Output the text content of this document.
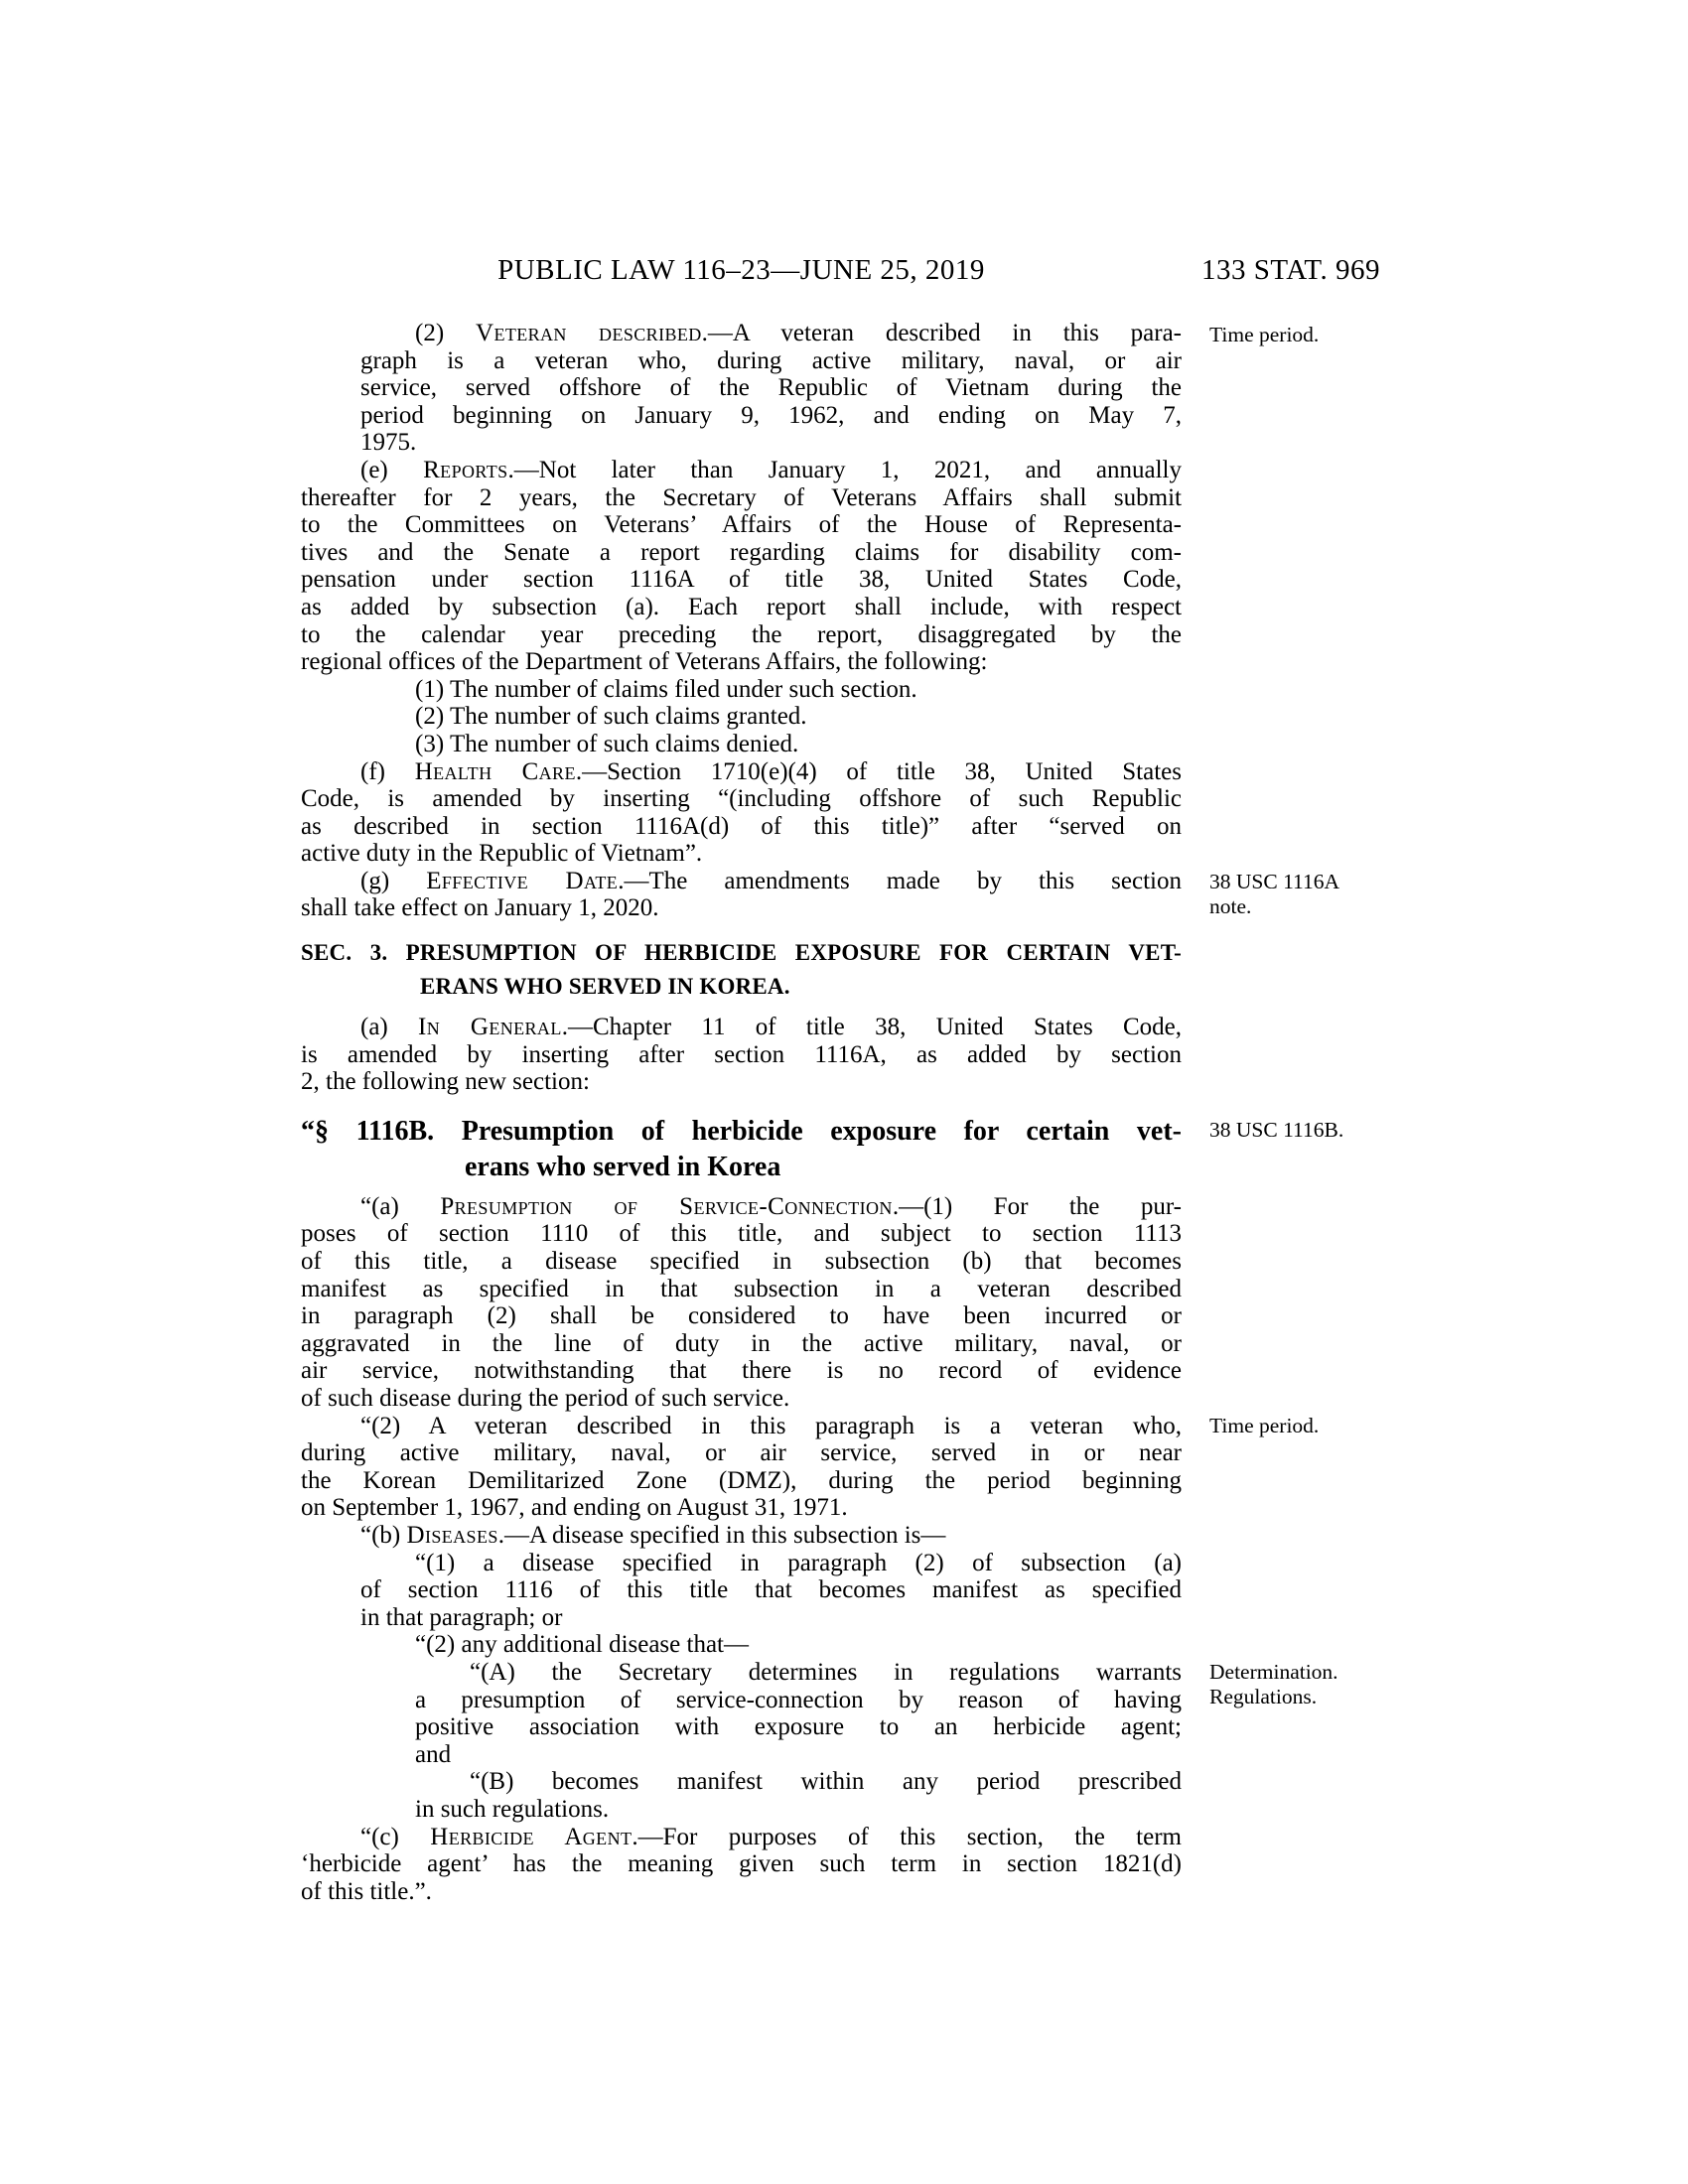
PUBLIC LAW 116–23—JUNE 25, 2019	133 STAT. 969
(2) Veteran described.—A veteran described in this para-
graph is a veteran who, during active military, naval, or air
service, served offshore of the Republic of Vietnam during the
period beginning on January 9, 1962, and ending on May 7,
1975.
(e) Reports.—Not later than January 1, 2021, and annually
thereafter for 2 years, the Secretary of Veterans Affairs shall submit
to the Committees on Veterans’ Affairs of the House of Representa-
tives and the Senate a report regarding claims for disability com-
pensation under section 1116A of title 38, United States Code,
as added by subsection (a). Each report shall include, with respect
to the calendar year preceding the report, disaggregated by the
regional offices of the Department of Veterans Affairs, the following:
(1) The number of claims filed under such section.
(2) The number of such claims granted.
(3) The number of such claims denied.
(f) Health Care.—Section 1710(e)(4) of title 38, United States
Code, is amended by inserting “(including offshore of such Republic
as described in section 1116A(d) of this title)” after “served on
active duty in the Republic of Vietnam”.
(g) Effective Date.—The amendments made by this section
shall take effect on January 1, 2020.
SEC. 3. PRESUMPTION OF HERBICIDE EXPOSURE FOR CERTAIN VET-
ERANS WHO SERVED IN KOREA.
(a) In General.—Chapter 11 of title 38, United States Code,
is amended by inserting after section 1116A, as added by section
2, the following new section:
“§ 1116B. Presumption of herbicide exposure for certain vet-
erans who served in Korea
“(a) Presumption of Service-Connection.—(1) For the pur-
poses of section 1110 of this title, and subject to section 1113
of this title, a disease specified in subsection (b) that becomes
manifest as specified in that subsection in a veteran described
in paragraph (2) shall be considered to have been incurred or
aggravated in the line of duty in the active military, naval, or
air service, notwithstanding that there is no record of evidence
of such disease during the period of such service.
“(2) A veteran described in this paragraph is a veteran who,
during active military, naval, or air service, served in or near
the Korean Demilitarized Zone (DMZ), during the period beginning
on September 1, 1967, and ending on August 31, 1971.
“(b) Diseases.—A disease specified in this subsection is—
“(1) a disease specified in paragraph (2) of subsection (a)
of section 1116 of this title that becomes manifest as specified
in that paragraph; or
“(2) any additional disease that—
“(A) the Secretary determines in regulations warrants
a presumption of service-connection by reason of having
positive association with exposure to an herbicide agent;
and
“(B) becomes manifest within any period prescribed
in such regulations.
“(c) Herbicide Agent.—For purposes of this section, the term
‘herbicide agent’ has the meaning given such term in section 1821(d)
of this title.”.
Time period.
38 USC 1116A
note.
38 USC 1116B.
Time period.
Determination.
Regulations.
